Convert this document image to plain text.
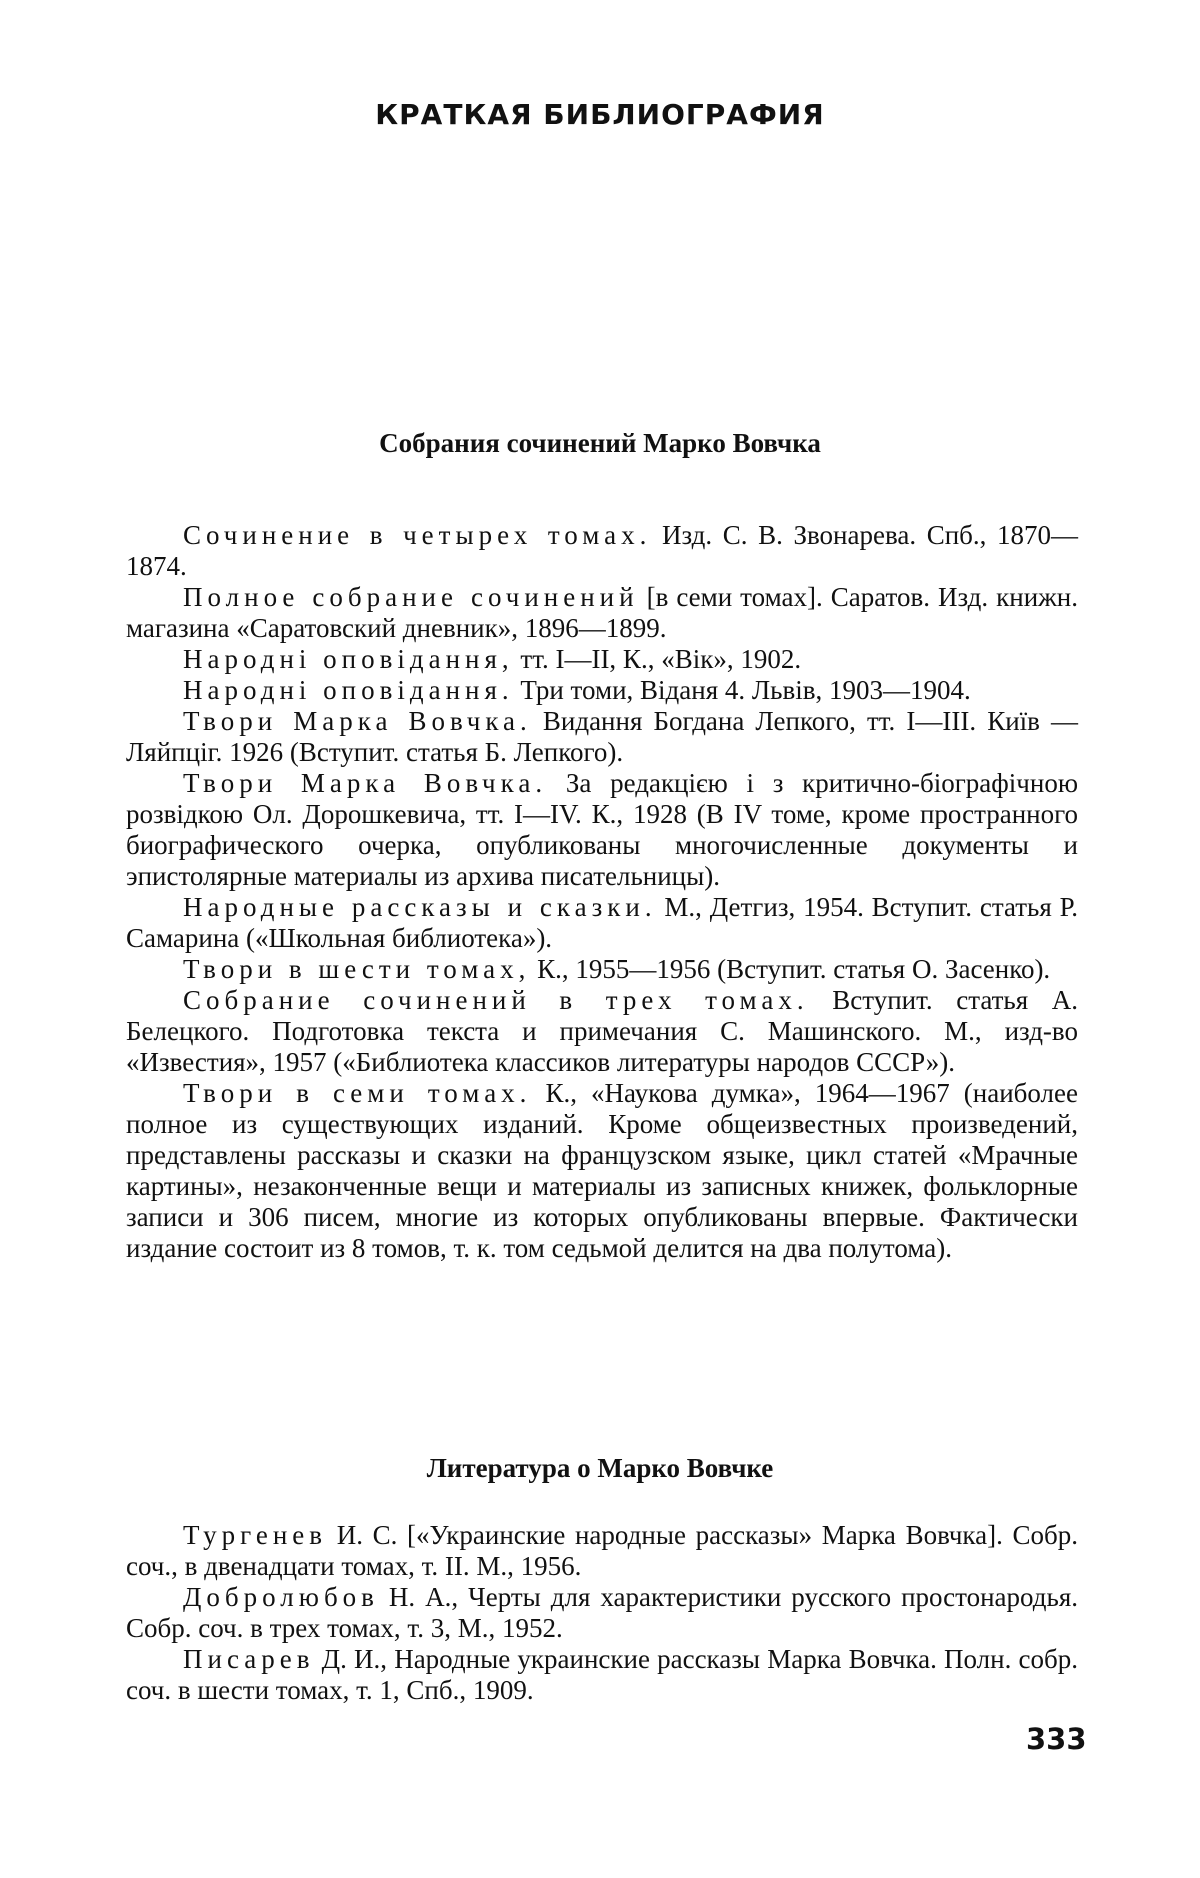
КРАТКАЯ БИБЛИОГРАФИЯ
Собрания сочинений Марко Вовчка

Сочинение в четырех томах. Изд. С. В. Звонарева. Спб., 1870—1874.

Полное собрание сочинений [в семи томах]. Саратов. Изд. книжн. магазина «Саратовский дневник», 1896—1899.

Народні оповідання, тт. I—II, К., «Вік», 1902.

Народні оповідання. Три томи, Віданя 4. Львів, 1903—1904.

Твори Марка Вовчка. Видання Богдана Лепкого, тт. I—III. Київ — Ляйпціг. 1926 (Вступит. статья Б. Лепкого).

Твори Марка Вовчка. За редакцією і з критично-біографічною розвідкою Ол. Дорошкевича, тт. I—IV. К., 1928 (В IV томе, кроме пространного биографического очерка, опубликованы многочисленные документы и эпистолярные материалы из архива писательницы).

Народные рассказы и сказки. М., Детгиз, 1954. Вступит. статья Р. Самарина («Школьная библиотека»).

Твори в шести томах, К., 1955—1956 (Вступит. статья О. Засенко).

Собрание сочинений в трех томах. Вступит. статья А. Белецкого. Подготовка текста и примечания С. Машинского. М., изд-во «Известия», 1957 («Библиотека классиков литературы народов СССР»).

Твори в семи томах. К., «Наукова думка», 1964—1967 (наиболее полное из существующих изданий. Кроме общеизвестных произведений, представлены рассказы и сказки на французском языке, цикл статей «Мрачные картины», незаконченные вещи и материалы из записных книжек, фольклорные записи и 306 писем, многие из которых опубликованы впервые. Фактически издание состоит из 8 томов, т. к. том седьмой делится на два полутома).

Литература о Марко Вовчке

Тургенев И. С. [«Украинские народные рассказы» Марка Вовчка]. Собр. соч., в двенадцати томах, т. II. М., 1956.

Добролюбов Н. А., Черты для характеристики русского простонародья. Собр. соч. в трех томах, т. 3, М., 1952.

Писарев Д. И., Народные украинские рассказы Марка Вовчка. Полн. собр. соч. в шести томах, т. 1, Спб., 1909.

333
